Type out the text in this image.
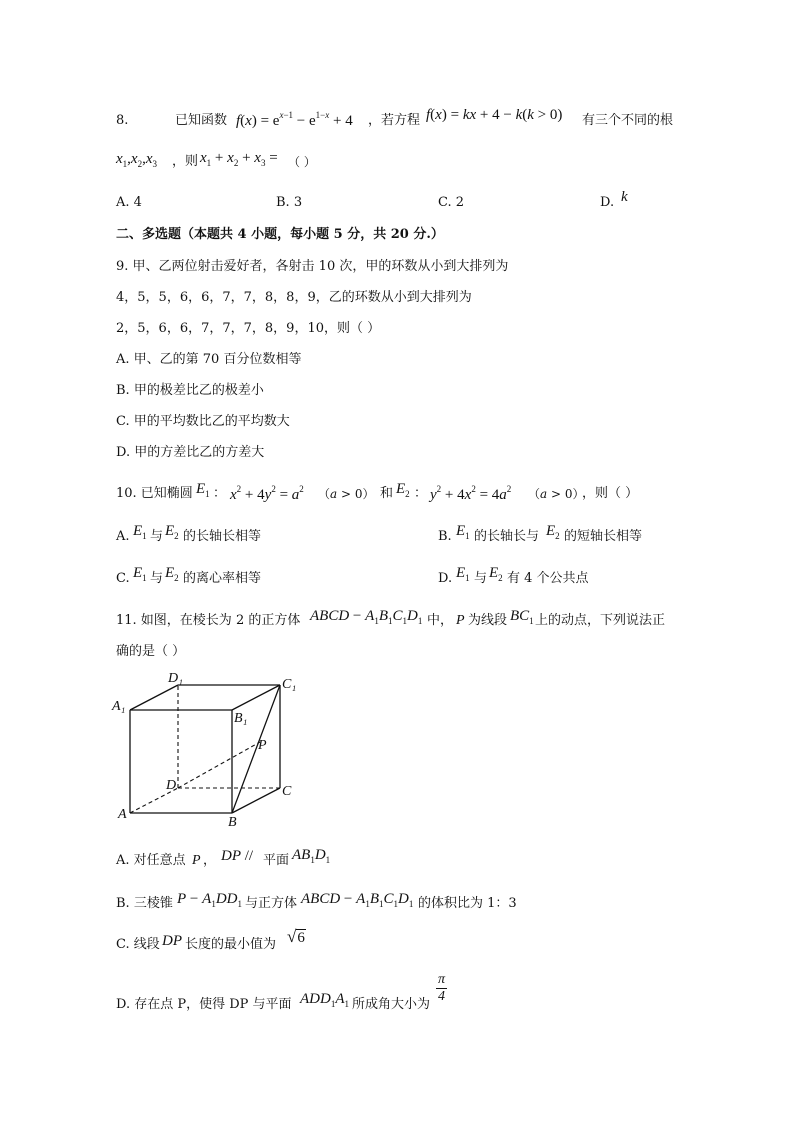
8.	已知函数 $f(x) = e^{x-1} - e^{1-x} + 4$ ，若方程 f(x) = kx + 4 − k(k > 0) 有三个不同的根
$x_1,x_2,x_3$ ，则 $x_1 + x_2 + x_3$ = （ ）
A. 4	B. 3	C. 2	D. k
二、多选题（本题共 4 小题，每小题 5 分，共 20 分.）
9. 甲、乙两位射击爱好者，各射击 10 次，甲的环数从小到大排列为
4，5，5，6，6，7，7，8，8，9，乙的环数从小到大排列为
2，5，6，6，7，7，7，8，9，10，则（ ）
A. 甲、乙的第 70 百分位数相等
B. 甲的极差比乙的极差小
C. 甲的平均数比乙的平均数大
D. 甲的方差比乙的方差大
10. 已知椭圆 $E_1$ ： $x^2 + 4y^2 = a^2$ （a > 0） 和 $E_2$ ： $y^2 + 4x^2 = 4a^2$ （a > 0）
，则（ ）
A. $E_1$ 与 $E_2$ 的长轴长相等	B. $E_1$ 的长轴长与 $E_2$ 的短轴长相等
C. $E_1$ 与 $E_2$ 的离心率相等	D. $E_1$ 与 $E_2$ 有 4 个公共点
11. 如图，在棱长为 2 的正方体 ABCD − $A_1B_1C_1D_1$ 中， P 为线段 $BC_1$ 上的动点，下列说法正
确的是（ ）
D₁	C₁
A₁
B₁
P
D	C
A
B
A. 对任意点 P ， DP // 平面 $AB_1D_1$
B. 三棱锥 $P - A_1DD_1$ 与正方体 ABCD − $A_1B_1C_1D_1$ 的体积比为 1：3
C. 线段 DP 长度的最小值为 √6
D. 存在点 P，使得 DP 与平面 $ADD_1A_1$ 所成角大小为 $\frac{\pi}{4}$
